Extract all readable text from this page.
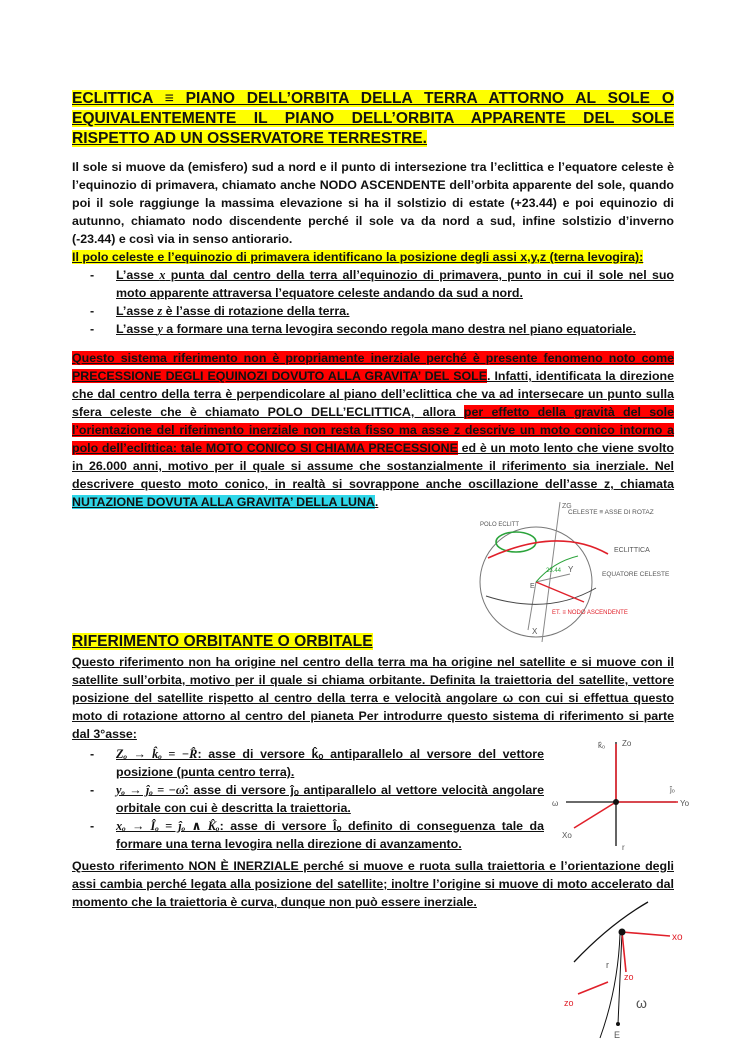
ECLITTICA ≡ PIANO DELL’ORBITA DELLA TERRA ATTORNO AL SOLE O EQUIVALENTEMENTE IL PIANO DELL’ORBITA APPARENTE DEL SOLE RISPETTO AD UN OSSERVATORE TERRESTRE.

Il sole si muove da (emisfero) sud a nord e il punto di intersezione tra l’eclittica e l’equatore celeste è l’equinozio di primavera, chiamato anche NODO ASCENDENTE dell’orbita apparente del sole, quando poi il sole raggiunge la massima elevazione si ha il solstizio di estate (+23.44) e poi equinozio di autunno, chiamato nodo discendente perché il sole va da nord a sud, infine solstizio d’inverno (-23.44) e così via in senso antiorario.

Il polo celeste e l’equinozio di primavera identificano la posizione degli assi x,y,z (terna levogira):

- L’asse x punta dal centro della terra all’equinozio di primavera, punto in cui il sole nel suo moto apparente attraversa l’equatore celeste andando da sud a nord.
- L’asse z è l’asse di rotazione della terra.
- L’asse y a formare una terna levogira secondo regola mano destra nel piano equatoriale.

Questo sistema riferimento non è propriamente inerziale perché è presente fenomeno noto come PRECESSIONE DEGLI EQUINOZI DOVUTO ALLA GRAVITA’ DEL SOLE. Infatti, identificata la direzione che dal centro della terra è perpendicolare al piano dell’eclittica che va ad intersecare un punto sulla sfera celeste che è chiamato POLO DELL’ECLITTICA, allora per effetto della gravità del sole l’orientazione del riferimento inerziale non resta fisso ma asse z descrive un moto conico intorno a polo dell’eclittica: tale MOTO CONICO SI CHIAMA PRECESSIONE ed è un moto lento che viene svolto in 26.000 anni, motivo per il quale si assume che sostanzialmente il riferimento sia inerziale. Nel descrivere questo moto conico, in realtà si sovrappone anche oscillazione dell’asse z, chiamata NUTAZIONE DOVUTA ALLA GRAVITA’ DELLA LUNA.

RIFERIMENTO ORBITANTE O ORBITALE

Questo riferimento non ha origine nel centro della terra ma ha origine nel satellite e si muove con il satellite sull’orbita, motivo per il quale si chiama orbitante. Definita la traiettoria del satellite, vettore posizione del satellite rispetto al centro della terra e velocità angolare ω con cui si effettua questo moto di rotazione attorno al centro del pianeta Per introdurre questo sistema di riferimento si parte dal 3°asse:

- Zₒ → k̂ₒ = −R̂: asse di versore k̂ₒ antiparallelo al versore del vettore posizione (punta centro terra).
- yₒ → ĵₒ = −ω̂: asse di versore ĵₒ antiparallelo al vettore velocità angolare orbitale con cui è descritta la traiettoria.
- xₒ → Îₒ = ĵₒ ∧ K̂ₒ: asse di versore Îₒ definito di conseguenza tale da formare una terna levogira nella direzione di avanzamento.

Questo riferimento NON È INERZIALE perché si muove e ruota sulla traiettoria e l’orientazione degli assi cambia perché legata alla posizione del satellite; inoltre l’origine si muove di moto accelerato dal momento che la traiettoria è curva, dunque non può essere inerziale.

ZG
CELESTE ≡ ASSE DI ROTAZ
POLO ECLITT
ECLITTICA
EQUATORE CELESTE
ET. ≡ NODO ASCENDENTE
23.44
X
Y
E
Zo
k̂ₒ
Yo
ĵₒ
Xo
ω
r
xo
zo
zo	ω
r
E
